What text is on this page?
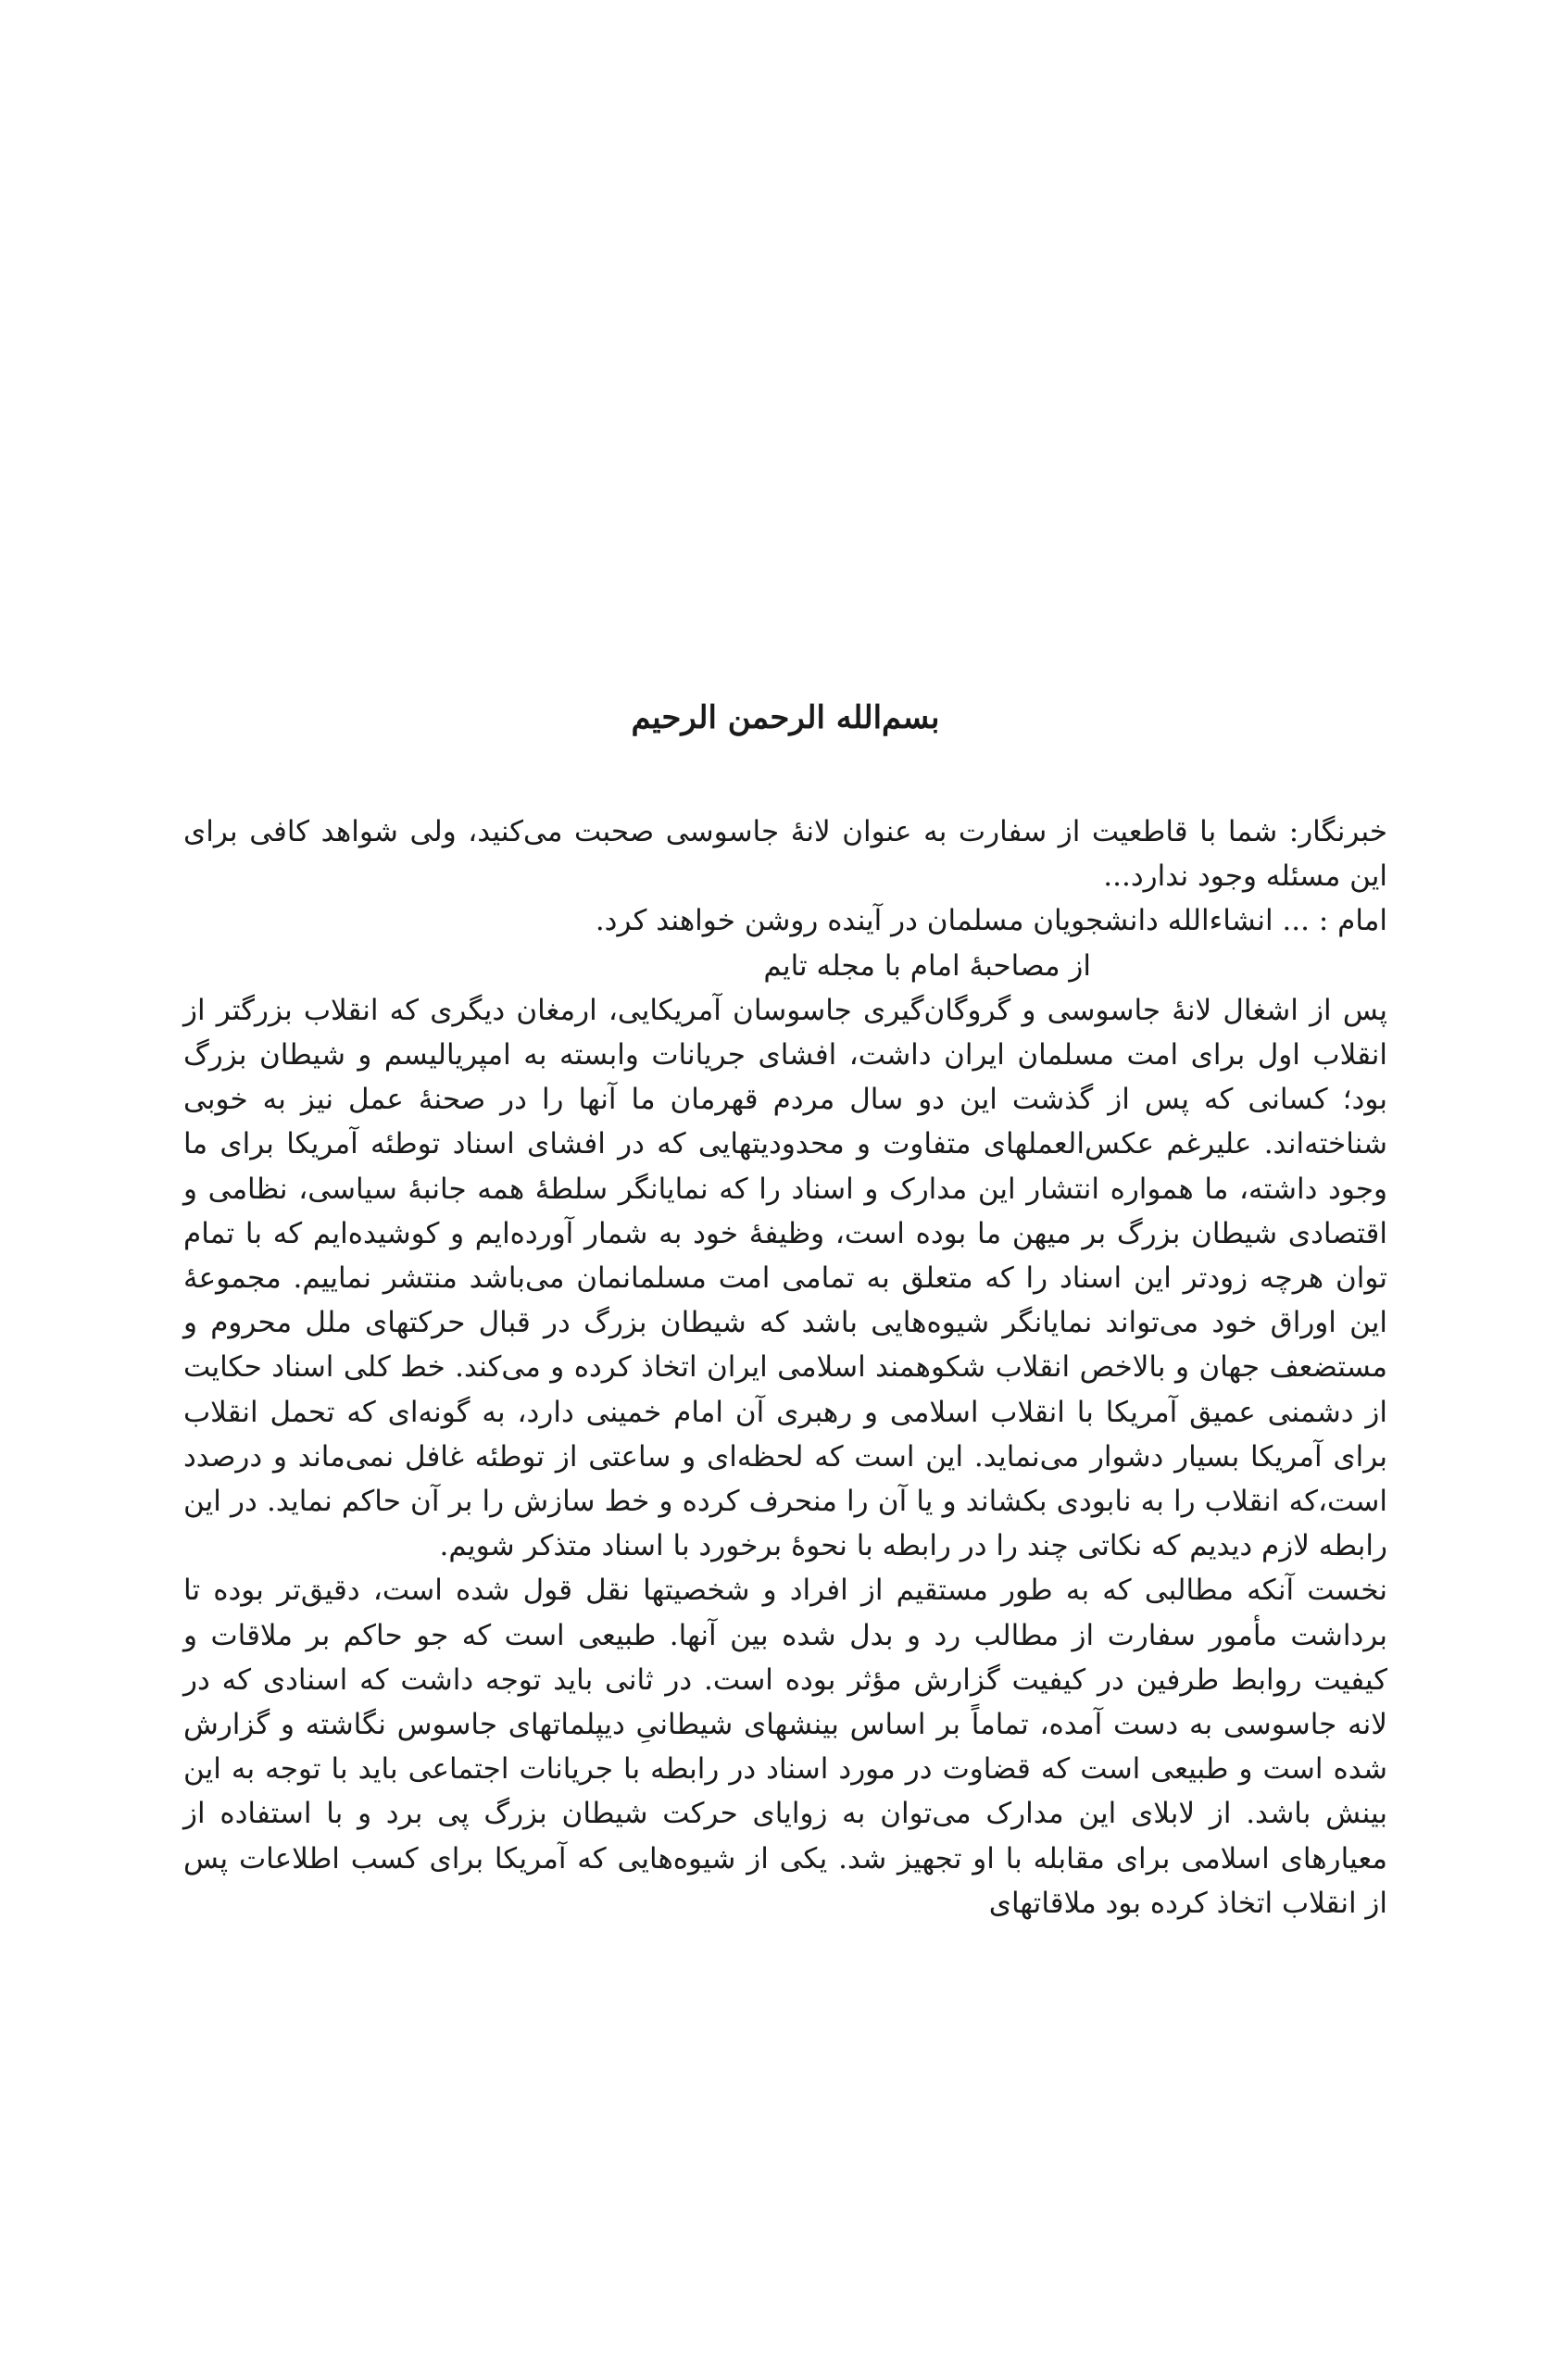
بسم‌الله الرحمن الرحیم

خبرنگار: شما با قاطعیت از سفارت به عنوان لانهٔ جاسوسی صحبت می‌کنید، ولی شواهد کافی برای این مسئله وجود ندارد...

امام : ... انشاءالله دانشجویان مسلمان در آینده روشن خواهند کرد.

از مصاحبهٔ امام با مجله تایم

پس از اشغال لانهٔ جاسوسی و گروگان‌گیری جاسوسان آمریکایی، ارمغان دیگری که انقلاب بزرگتر از انقلاب اول برای امت مسلمان ایران داشت، افشای جریانات وابسته به امپریالیسم و شیطان بزرگ بود؛ کسانی که پس از گذشت این دو سال مردم قهرمان ما آنها را در صحنهٔ عمل نیز به خوبی شناخته‌اند. علیرغم عکس‌العملهای متفاوت و محدودیتهایی که در افشای اسناد توطئه آمریکا برای ما وجود داشته، ما همواره انتشار این مدارک و اسناد را که نمایانگر سلطهٔ همه جانبهٔ سیاسی، نظامی و اقتصادی شیطان بزرگ بر میهن ما بوده است، وظیفهٔ خود به شمار آورده‌ایم و کوشیده‌ایم که با تمام توان هرچه زودتر این اسناد را که متعلق به تمامی امت مسلمانمان می‌باشد منتشر نماییم. مجموعهٔ این اوراق خود می‌تواند نمایانگر شیوه‌هایی باشد که شیطان بزرگ در قبال حرکتهای ملل محروم و مستضعف جهان و بالاخص انقلاب شکوهمند اسلامی ایران اتخاذ کرده و می‌کند. خط کلی اسناد حکایت از دشمنی عمیق آمریکا با انقلاب اسلامی و رهبری آن امام خمینی دارد، به گونه‌ای که تحمل انقلاب برای آمریکا بسیار دشوار می‌نماید. این است که لحظه‌ای و ساعتی از توطئه غافل نمی‌ماند و درصدد است،که انقلاب را به نابودی بکشاند و یا آن را منحرف کرده و خط سازش را بر آن حاکم نماید. در این رابطه لازم دیدیم که نکاتی چند را در رابطه با نحوهٔ برخورد با اسناد متذکر شویم.

نخست آنکه مطالبی که به طور مستقیم از افراد و شخصیتها نقل قول شده است، دقیق‌تر بوده تا برداشت مأمور سفارت از مطالب رد و بدل شده بین آنها. طبیعی است که جو حاکم بر ملاقات و کیفیت روابط طرفین در کیفیت گزارش مؤثر بوده است. در ثانی باید توجه داشت که اسنادی که در لانه جاسوسی به دست آمده، تماماً بر اساس بینشهای شیطانیِ دیپلماتهای جاسوس نگاشته و گزارش شده است و طبیعی است که قضاوت در مورد اسناد در رابطه با جریانات اجتماعی باید با توجه به این بینش باشد. از لابلای این مدارک می‌توان به زوایای حرکت شیطان بزرگ پی برد و با استفاده از معیارهای اسلامی برای مقابله با او تجهیز شد. یکی از شیوه‌هایی که آمریکا برای کسب اطلاعات پس از انقلاب اتخاذ کرده بود ملاقاتهای
